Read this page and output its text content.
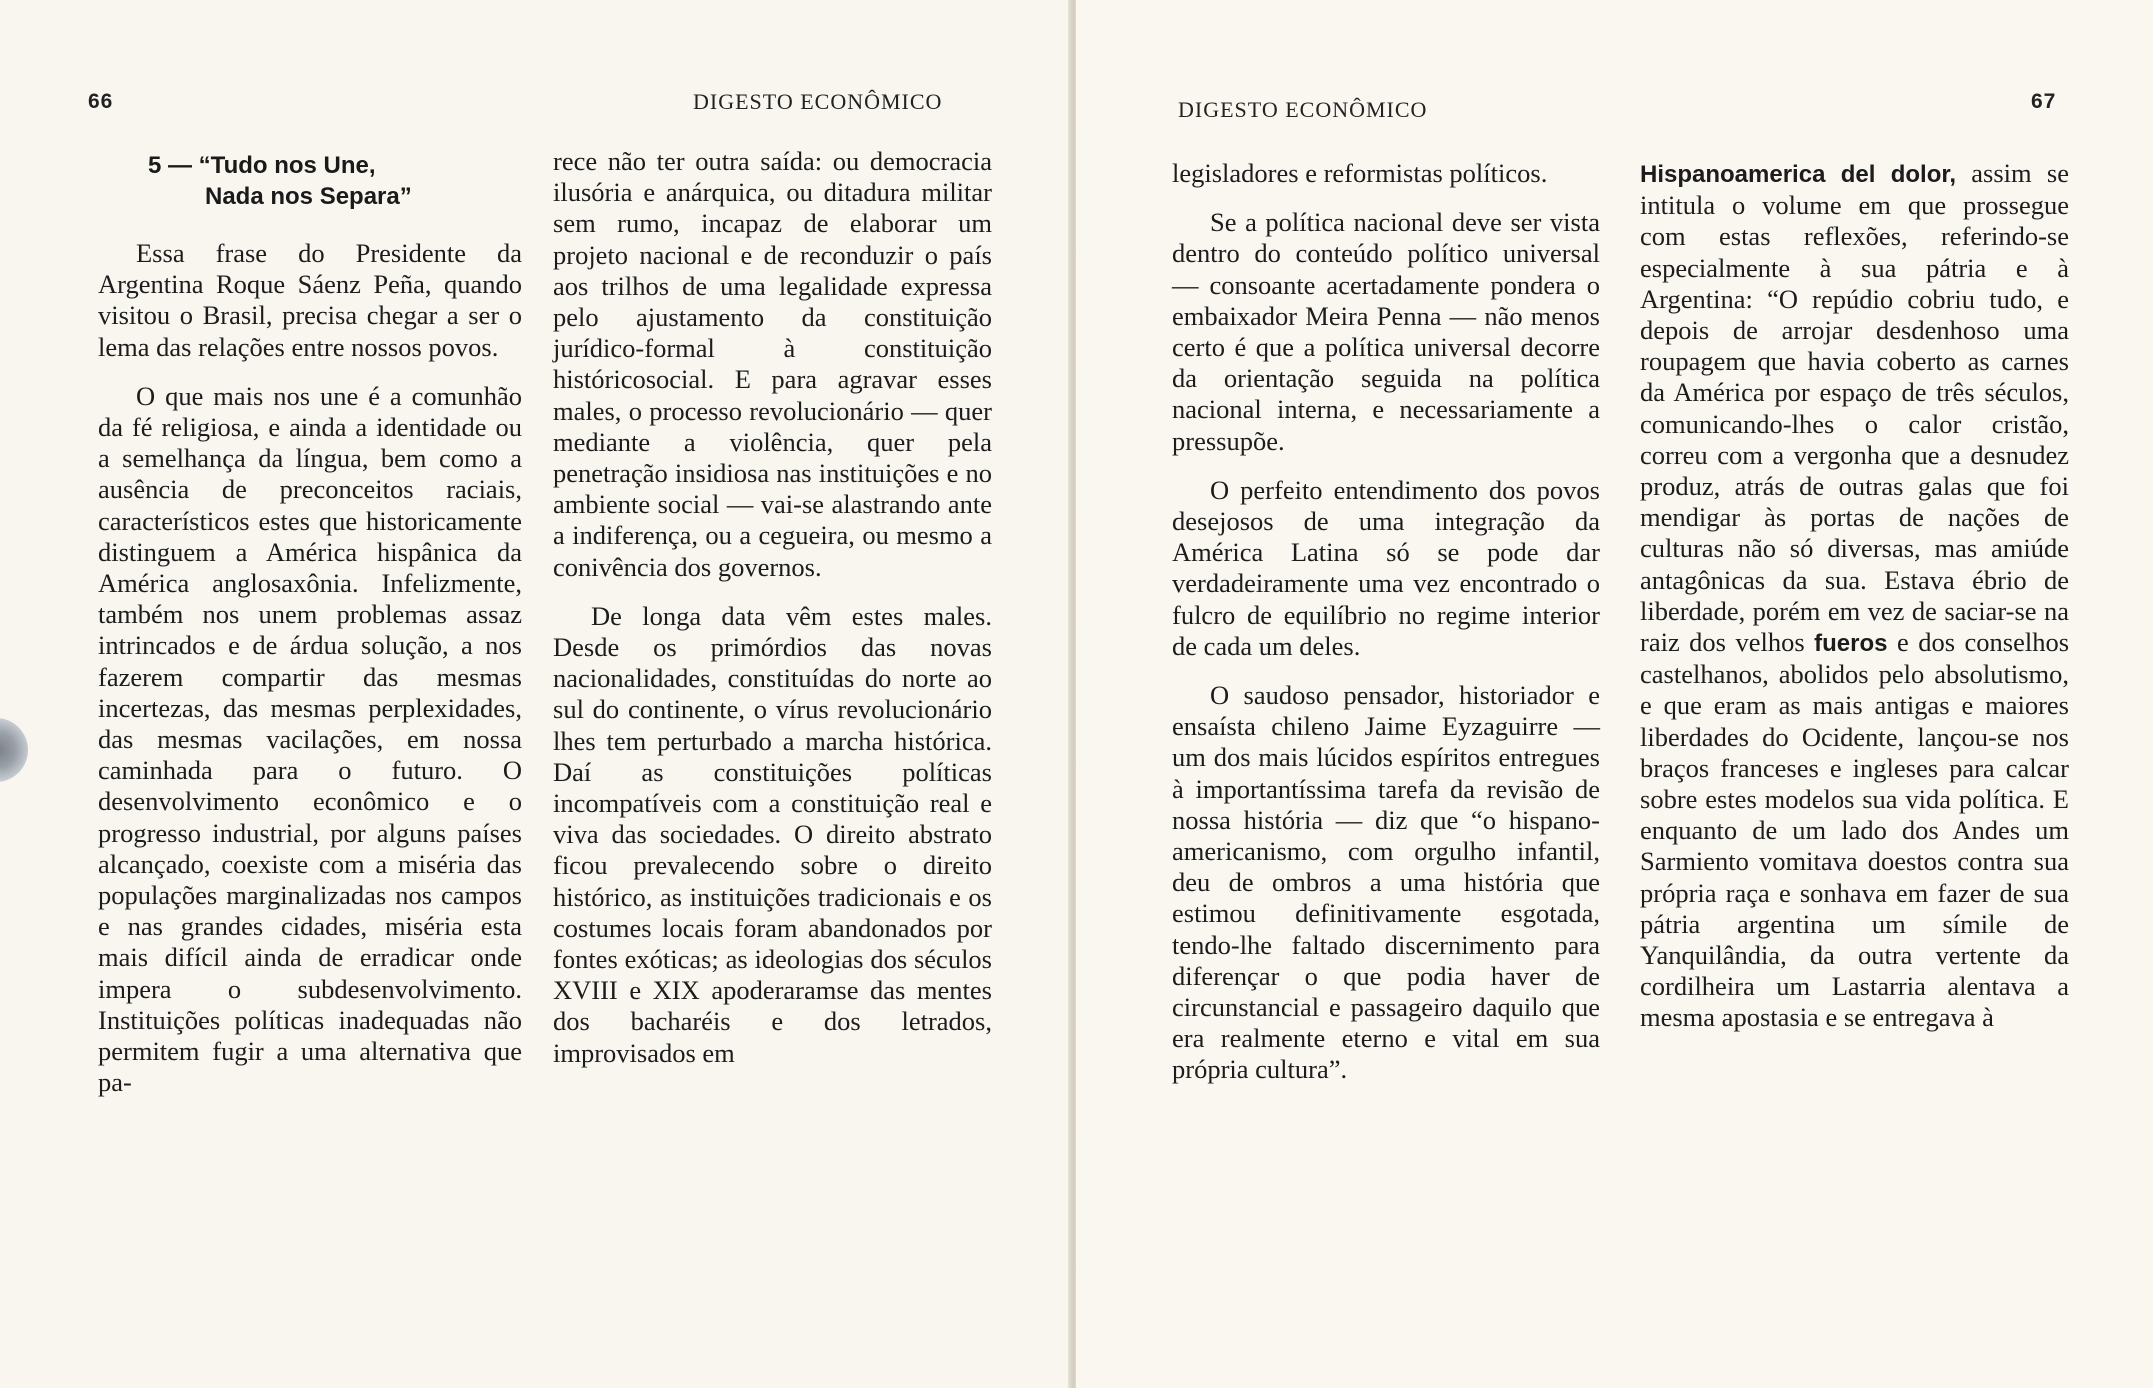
66	DIGESTO ECONÔMICO
5 — “Tudo nos Une,
Nada nos Separa”

Essa frase do Presidente da Argentina Roque Sáenz Peña, quando visitou o Brasil, precisa chegar a ser o lema das relações entre nossos povos.

O que mais nos une é a comunhão da fé religiosa, e ainda a identidade ou a semelhança da língua, bem como a ausência de preconceitos raciais, característicos estes que historicamente distinguem a América hispânica da América anglosaxônia. Infelizmente, também nos unem problemas assaz intrincados e de árdua solução, a nos fazerem compartir das mesmas incertezas, das mesmas perplexidades, das mesmas vacilações, em nossa caminhada para o futuro. O desenvolvimento econômico e o progresso industrial, por alguns países alcançado, coexiste com a miséria das populações marginalizadas nos campos e nas grandes cidades, miséria esta mais difícil ainda de erradicar onde impera o subdesenvolvimento. Instituições políticas inadequadas não permitem fugir a uma alternativa que pa-

rece não ter outra saída: ou democracia ilusória e anárquica, ou ditadura militar sem rumo, incapaz de elaborar um projeto nacional e de reconduzir o país aos trilhos de uma legalidade expressa pelo ajustamento da constituição jurídico-formal à constituição históricosocial. E para agravar esses males, o processo revolucionário — quer mediante a violência, quer pela penetração insidiosa nas instituições e no ambiente social — vai-se alastrando ante a indiferença, ou a cegueira, ou mesmo a conivência dos governos.

De longa data vêm estes males. Desde os primórdios das novas nacionalidades, constituídas do norte ao sul do continente, o vírus revolucionário lhes tem perturbado a marcha histórica. Daí as constituições políticas incompatíveis com a constituição real e viva das sociedades. O direito abstrato ficou prevalecendo sobre o direito histórico, as instituições tradicionais e os costumes locais foram abandonados por fontes exóticas; as ideologias dos séculos XVIII e XIX apoderaramse das mentes dos bacharéis e dos letrados, improvisados em

DIGESTO ECONÔMICO	67

legisladores e reformistas políticos.

Se a política nacional deve ser vista dentro do conteúdo político universal — consoante acertadamente pondera o embaixador Meira Penna — não menos certo é que a política universal decorre da orientação seguida na política nacional interna, e necessariamente a pressupõe.

O perfeito entendimento dos povos desejosos de uma integração da América Latina só se pode dar verdadeiramente uma vez encontrado o fulcro de equilíbrio no regime interior de cada um deles.

O saudoso pensador, historiador e ensaísta chileno Jaime Eyzaguirre — um dos mais lúcidos espíritos entregues à importantíssima tarefa da revisão de nossa história — diz que “o hispano-americanismo, com orgulho infantil, deu de ombros a uma história que estimou definitivamente esgotada, tendo-lhe faltado discernimento para diferençar o que podia haver de circunstancial e passageiro daquilo que era realmente eterno e vital em sua própria cultura”.

Hispanoamerica del dolor, assim se intitula o volume em que prossegue com estas reflexões, referindo-se especialmente à sua pátria e à Argentina: “O repúdio cobriu tudo, e depois de arrojar desdenhoso uma roupagem que havia coberto as carnes da América por espaço de três séculos, comunicando-lhes o calor cristão, correu com a vergonha que a desnudez produz, atrás de outras galas que foi mendigar às portas de nações de culturas não só diversas, mas amiúde antagônicas da sua. Estava ébrio de liberdade, porém em vez de saciar-se na raiz dos velhos fueros e dos conselhos castelhanos, abolidos pelo absolutismo, e que eram as mais antigas e maiores liberdades do Ocidente, lançou-se nos braços franceses e ingleses para calcar sobre estes modelos sua vida política. E enquanto de um lado dos Andes um Sarmiento vomitava doestos contra sua própria raça e sonhava em fazer de sua pátria argentina um símile de Yanquilândia, da outra vertente da cordilheira um Lastarria alentava a mesma apostasia e se entregava à
